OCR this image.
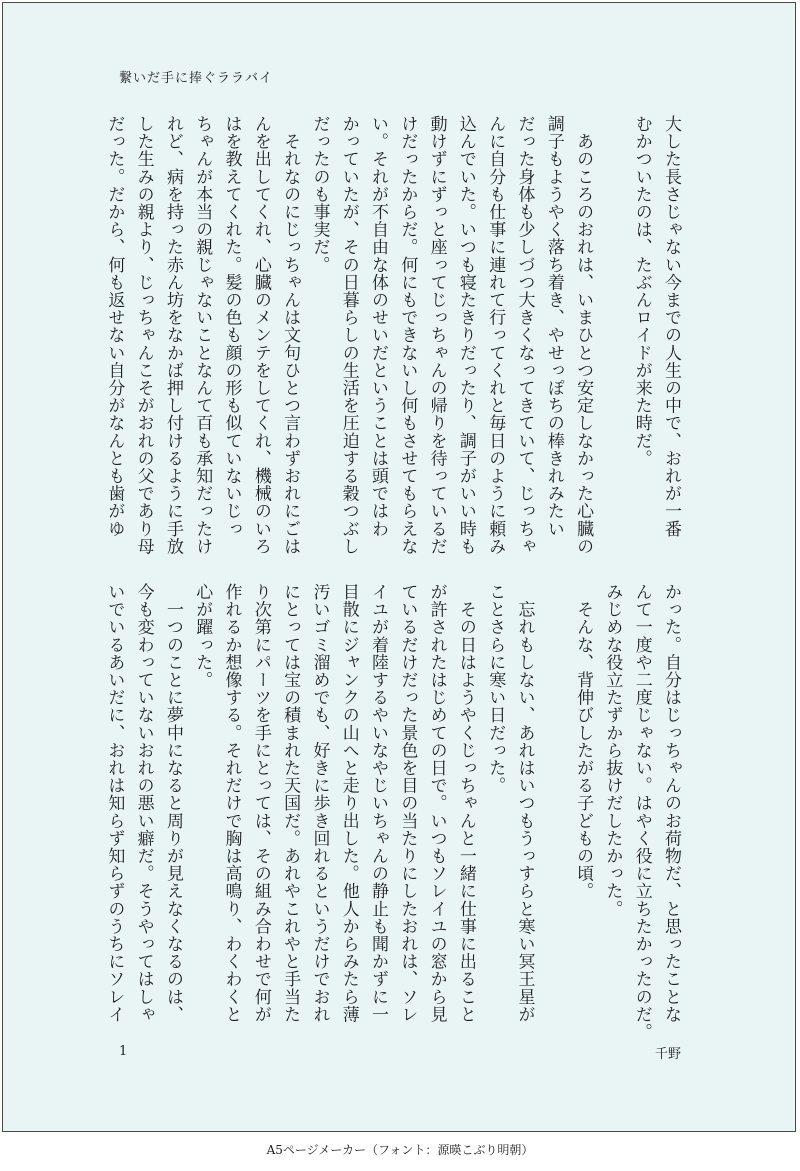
繋いだ手に捧ぐララバイ
大した長さじゃない今までの人生の中で、おれが一番
むかついたのは、たぶんロイドが来た時だ。

　あのころのおれは、いまひとつ安定しなかった心臓の
調子もようやく落ち着き、やせっぽちの棒きれみたい
だった身体も少しづつ大きくなってきていて、じっちゃ
んに自分も仕事に連れて行ってくれと毎日のように頼み
込んでいた。いつも寝たきりだったり、調子がいい時も
動けずにずっと座ってじっちゃんの帰りを待っているだ
けだったからだ。何にもできないし何もさせてもらえな
い。それが不自由な体のせいだということは頭ではわ
かっていたが、その日暮らしの生活を圧迫する穀つぶし
だったのも事実だ。
　それなのにじっちゃんは文句ひとつ言わずおれにごは
んを出してくれ、心臓のメンテをしてくれ、機械のいろ
はを教えてくれた。髪の色も顔の形も似ていないじっ
ちゃんが本当の親じゃないことなんて百も承知だったけ
れど、病を持った赤ん坊をなかば押し付けるように手放
した生みの親より、じっちゃんこそがおれの父であり母
だった。だから、何も返せない自分がなんとも歯がゆ
かった。自分はじっちゃんのお荷物だ、と思ったことな
んて一度や二度じゃない。はやく役に立ちたかったのだ。
みじめな役立たずから抜けだしたかった。
　そんな、背伸びしたがる子どもの頃。

　忘れもしない、あれはいつもうっすらと寒い冥王星が
ことさらに寒い日だった。
　その日はようやくじっちゃんと一緒に仕事に出ること
が許されたはじめての日で。いつもソレイユの窓から見
ているだけだった景色を目の当たりにしたおれは、ソレ
イユが着陸するやいなやじいちゃんの静止も聞かずに一
目散にジャンクの山へと走り出した。他人からみたら薄
汚いゴミ溜めでも、好きに歩き回れるというだけでおれ
にとっては宝の積まれた天国だ。あれやこれやと手当た
り次第にパーツを手にとっては、その組み合わせで何が
作れるか想像する。それだけで胸は高鳴り、わくわくと
心が躍った。
　一つのことに夢中になると周りが見えなくなるのは、
今も変わっていないおれの悪い癖だ。そうやってはしゃ
いでいるあいだに、おれは知らず知らずのうちにソレイ
1	千野
A5ページメーカー（フォント：源暎こぶり明朝）
